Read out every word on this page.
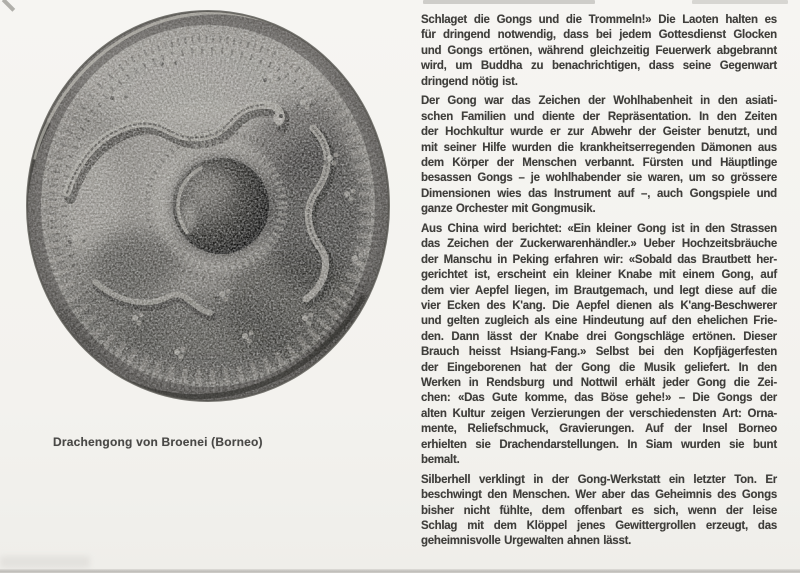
Drachengong von Broenei (Borneo)
Schlaget die Gongs und die Trommeln!» Die Laoten halten es
für dringend notwendig, dass bei jedem Gottesdienst Glocken
und Gongs ertönen, während gleichzeitig Feuerwerk abgebrannt
wird, um Buddha zu benachrichtigen, dass seine Gegenwart
dringend nötig ist.
Der Gong war das Zeichen der Wohlhabenheit in den asiati-
schen Familien und diente der Repräsentation. In den Zeiten
der Hochkultur wurde er zur Abwehr der Geister benutzt, und
mit seiner Hilfe wurden die krankheitserregenden Dämonen aus
dem Körper der Menschen verbannt. Fürsten und Häuptlinge
besassen Gongs – je wohlhabender sie waren, um so grössere
Dimensionen wies das Instrument auf –, auch Gongspiele und
ganze Orchester mit Gongmusik.
Aus China wird berichtet: «Ein kleiner Gong ist in den Strassen
das Zeichen der Zuckerwarenhändler.» Ueber Hochzeitsbräuche
der Manschu in Peking erfahren wir: «Sobald das Brautbett her-
gerichtet ist, erscheint ein kleiner Knabe mit einem Gong, auf
dem vier Aepfel liegen, im Brautgemach, und legt diese auf die
vier Ecken des K'ang. Die Aepfel dienen als K'ang-Beschwerer
und gelten zugleich als eine Hindeutung auf den ehelichen Frie-
den. Dann lässt der Knabe drei Gongschläge ertönen. Dieser
Brauch heisst Hsiang-Fang.» Selbst bei den Kopfjägerfesten
der Eingeborenen hat der Gong die Musik geliefert. In den
Werken in Rendsburg und Nottwil erhält jeder Gong die Zei-
chen: «Das Gute komme, das Böse gehe!» – Die Gongs der
alten Kultur zeigen Verzierungen der verschiedensten Art: Orna-
mente, Reliefschmuck, Gravierungen. Auf der Insel Borneo
erhielten sie Drachendarstellungen. In Siam wurden sie bunt
bemalt.
Silberhell verklingt in der Gong-Werkstatt ein letzter Ton. Er
beschwingt den Menschen. Wer aber das Geheimnis des Gongs
bisher nicht fühlte, dem offenbart es sich, wenn der leise
Schlag mit dem Klöppel jenes Gewittergrollen erzeugt, das
geheimnisvolle Urgewalten ahnen lässt.
